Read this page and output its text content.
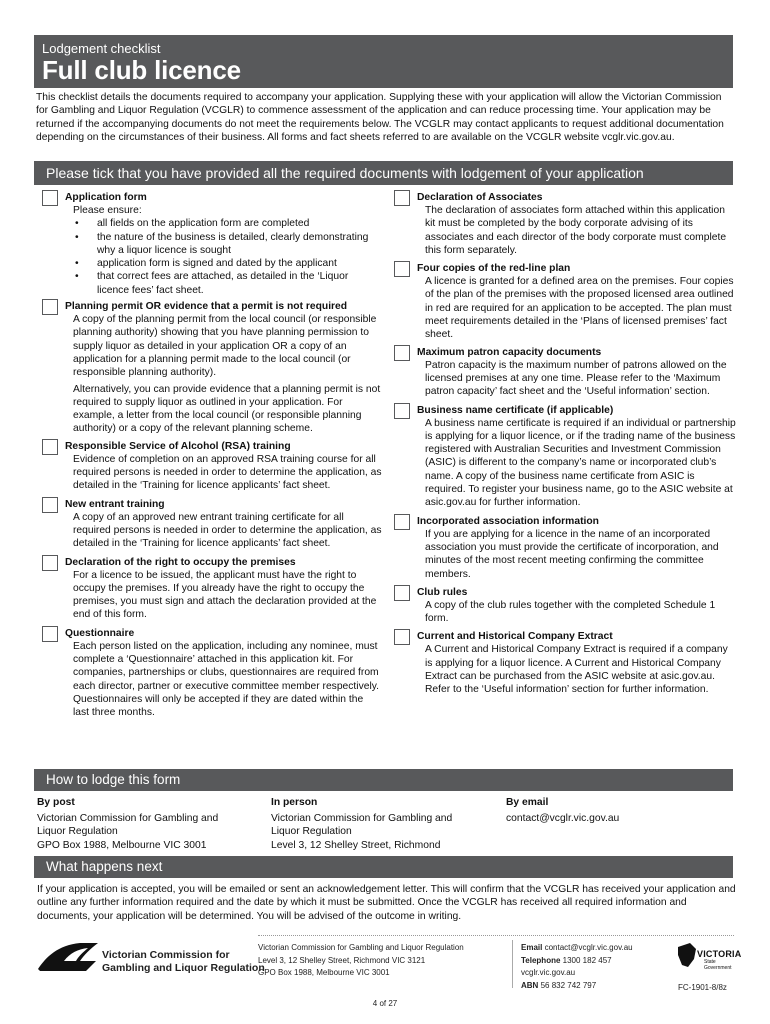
Lodgement checklist
Full club licence

This checklist details the documents required to accompany your application. Supplying these with your application will allow the Victorian Commission for Gambling and Liquor Regulation (VCGLR) to commence assessment of the application and can reduce processing time. Your application may be returned if the accompanying documents do not meet the requirements below. The VCGLR may contact applicants to request additional documentation depending on the circumstances of their business. All forms and fact sheets referred to are available on the VCGLR website vcglr.vic.gov.au.

Please tick that you have provided all the required documents with lodgement of your application
Application form

Please ensure:

• all fields on the application form are completed
• the nature of the business is detailed, clearly demonstrating why a liquor licence is sought
• application form is signed and dated by the applicant
• that correct fees are attached, as detailed in the ‘Liquor licence fees’ fact sheet.
Planning permit OR evidence that a permit is not required

A copy of the planning permit from the local council (or responsible planning authority) showing that you have planning permission to supply liquor as detailed in your application OR a copy of an application for a planning permit made to the local council (or responsible planning authority).

Alternatively, you can provide evidence that a planning permit is not required to supply liquor as outlined in your application. For example, a letter from the local council (or responsible planning authority) or a copy of the relevant planning scheme.

Responsible Service of Alcohol (RSA) training

Evidence of completion on an approved RSA training course for all required persons is needed in order to determine the application, as detailed in the ‘Training for licence applicants’ fact sheet.

New entrant training

A copy of an approved new entrant training certificate for all required persons is needed in order to determine the application, as detailed in the ‘Training for licence applicants’ fact sheet.

Declaration of the right to occupy the premises

For a licence to be issued, the applicant must have the right to occupy the premises. If you already have the right to occupy the premises, you must sign and attach the declaration provided at the end of this form.

Questionnaire

Each person listed on the application, including any nominee, must complete a ‘Questionnaire’ attached in this application kit. For companies, partnerships or clubs, questionnaires are required from each director, partner or executive committee member respectively. Questionnaires will only be accepted if they are dated within the last three months.

Declaration of Associates

The declaration of associates form attached within this application kit must be completed by the body corporate advising of its associates and each director of the body corporate must complete this form separately.

Four copies of the red-line plan

A licence is granted for a defined area on the premises. Four copies of the plan of the premises with the proposed licensed area outlined in red are required for an application to be accepted. The plan must meet requirements detailed in the ‘Plans of licensed premises’ fact sheet.

Maximum patron capacity documents

Patron capacity is the maximum number of patrons allowed on the licensed premises at any one time. Please refer to the ‘Maximum patron capacity’ fact sheet and the ‘Useful information’ section.

Business name certificate (if applicable)

A business name certificate is required if an individual or partnership is applying for a liquor licence, or if the trading name of the business registered with Australian Securities and Investment Commission (ASIC) is different to the company’s name or incorporated club’s name. A copy of the business name certificate from ASIC is required. To register your business name, go to the ASIC website at asic.gov.au for further information.

Incorporated association information

If you are applying for a licence in the name of an incorporated association you must provide the certificate of incorporation, and minutes of the most recent meeting confirming the committee members.

Club rules

A copy of the club rules together with the completed Schedule 1 form.

Current and Historical Company Extract

A Current and Historical Company Extract is required if a company is applying for a liquor licence. A Current and Historical Company Extract can be purchased from the ASIC website at asic.gov.au. Refer to the ‘Useful information’ section for further information.

How to lodge this form
By post
Victorian Commission for Gambling and
Liquor Regulation
GPO Box 1988, Melbourne VIC 3001
In person
Victorian Commission for Gambling and
Liquor Regulation
Level 3, 12 Shelley Street, Richmond
By email
contact@vcglr.vic.gov.au
What happens next

If your application is accepted, you will be emailed or sent an acknowledgement letter. This will confirm that the VCGLR has received your application and outline any further information required and the date by which it must be submitted. Once the VCGLR has received all required information and documents, your application will be determined. You will be advised of the outcome in writing.

Victorian Commission for
Gambling and Liquor Regulation
Victorian Commission for Gambling and Liquor Regulation
Level 3, 12 Shelley Street, Richmond VIC 3121
GPO Box 1988, Melbourne VIC 3001
Email contact@vcglr.vic.gov.au
Telephone 1300 182 457
vcglr.vic.gov.au
ABN 56 832 742 797
VICTORIA
State
Government
FC-1901-8/8z
4 of 27
